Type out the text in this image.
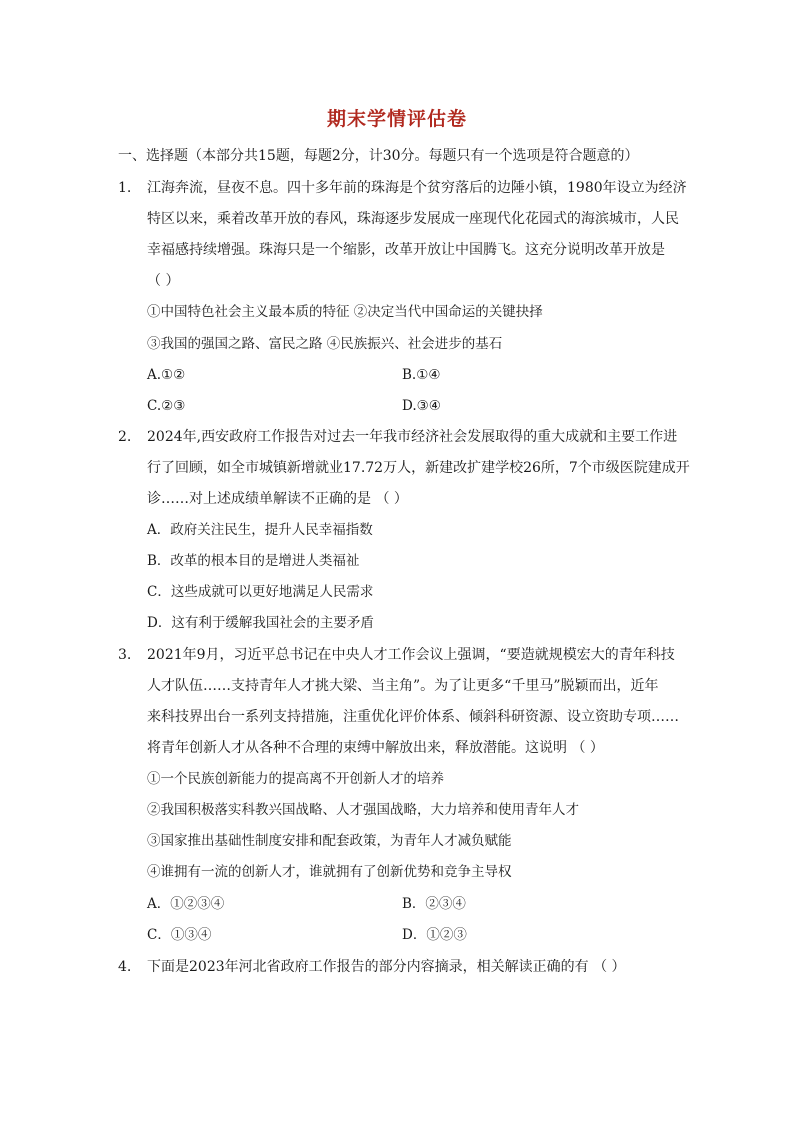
期末学情评估卷
一、选择题（本部分共15题，每题2分，计30分。每题只有一个选项是符合题意的）
1. 江海奔流，昼夜不息。四十多年前的珠海是个贫穷落后的边陲小镇，1980年设立为经济
特区以来，乘着改革开放的春风，珠海逐步发展成一座现代化花园式的海滨城市，人民
幸福感持续增强。珠海只是一个缩影，改革开放让中国腾飞。这充分说明改革开放是
（ ）
①中国特色社会主义最本质的特征 ②决定当代中国命运的关键抉择
③我国的强国之路、富民之路 ④民族振兴、社会进步的基石
A.①②	B.①④
C.②③	D.③④
2. 2024年,西安政府工作报告对过去一年我市经济社会发展取得的重大成就和主要工作进
行了回顾，如全市城镇新增就业17.72万人，新建改扩建学校26所，7个市级医院建成开
诊……对上述成绩单解读不正确的是 （ ）
A．政府关注民生，提升人民幸福指数
B．改革的根本目的是增进人类福祉
C．这些成就可以更好地满足人民需求
D．这有利于缓解我国社会的主要矛盾
3. 2021年9月，习近平总书记在中央人才工作会议上强调，“要造就规模宏大的青年科技
人才队伍……支持青年人才挑大梁、当主角”。为了让更多“千里马”脱颖而出，近年
来科技界出台一系列支持措施，注重优化评价体系、倾斜科研资源、设立资助专项……
将青年创新人才从各种不合理的束缚中解放出来，释放潜能。这说明 （ ）
①一个民族创新能力的提高离不开创新人才的培养
②我国积极落实科教兴国战略、人才强国战略，大力培养和使用青年人才
③国家推出基础性制度安排和配套政策，为青年人才减负赋能
④谁拥有一流的创新人才，谁就拥有了创新优势和竞争主导权
A．①②③④	B．②③④
C．①③④	D．①②③
4. 下面是2023年河北省政府工作报告的部分内容摘录，相关解读正确的有 （ ）
